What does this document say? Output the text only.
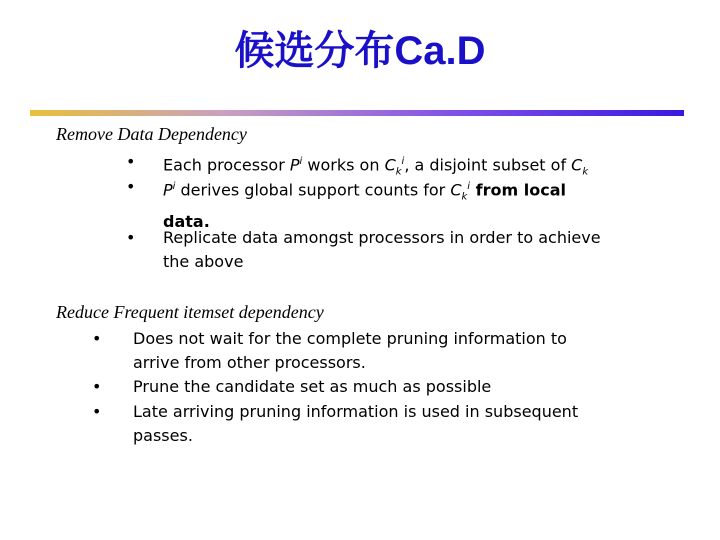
候选分布Ca.D
Remove Data Dependency
• Each processor $P^i$ works on $C_k^i$, a disjoint subset of $C_k$
• $P^i$ derives global support counts for $C_k^i$ from local
data.
• Replicate data amongst processors in order to achieve
the above
Reduce Frequent itemset dependency
• Does not wait for the complete pruning information to
arrive from other processors.
• Prune the candidate set as much as possible
• Late arriving pruning information is used in subsequent
passes.
